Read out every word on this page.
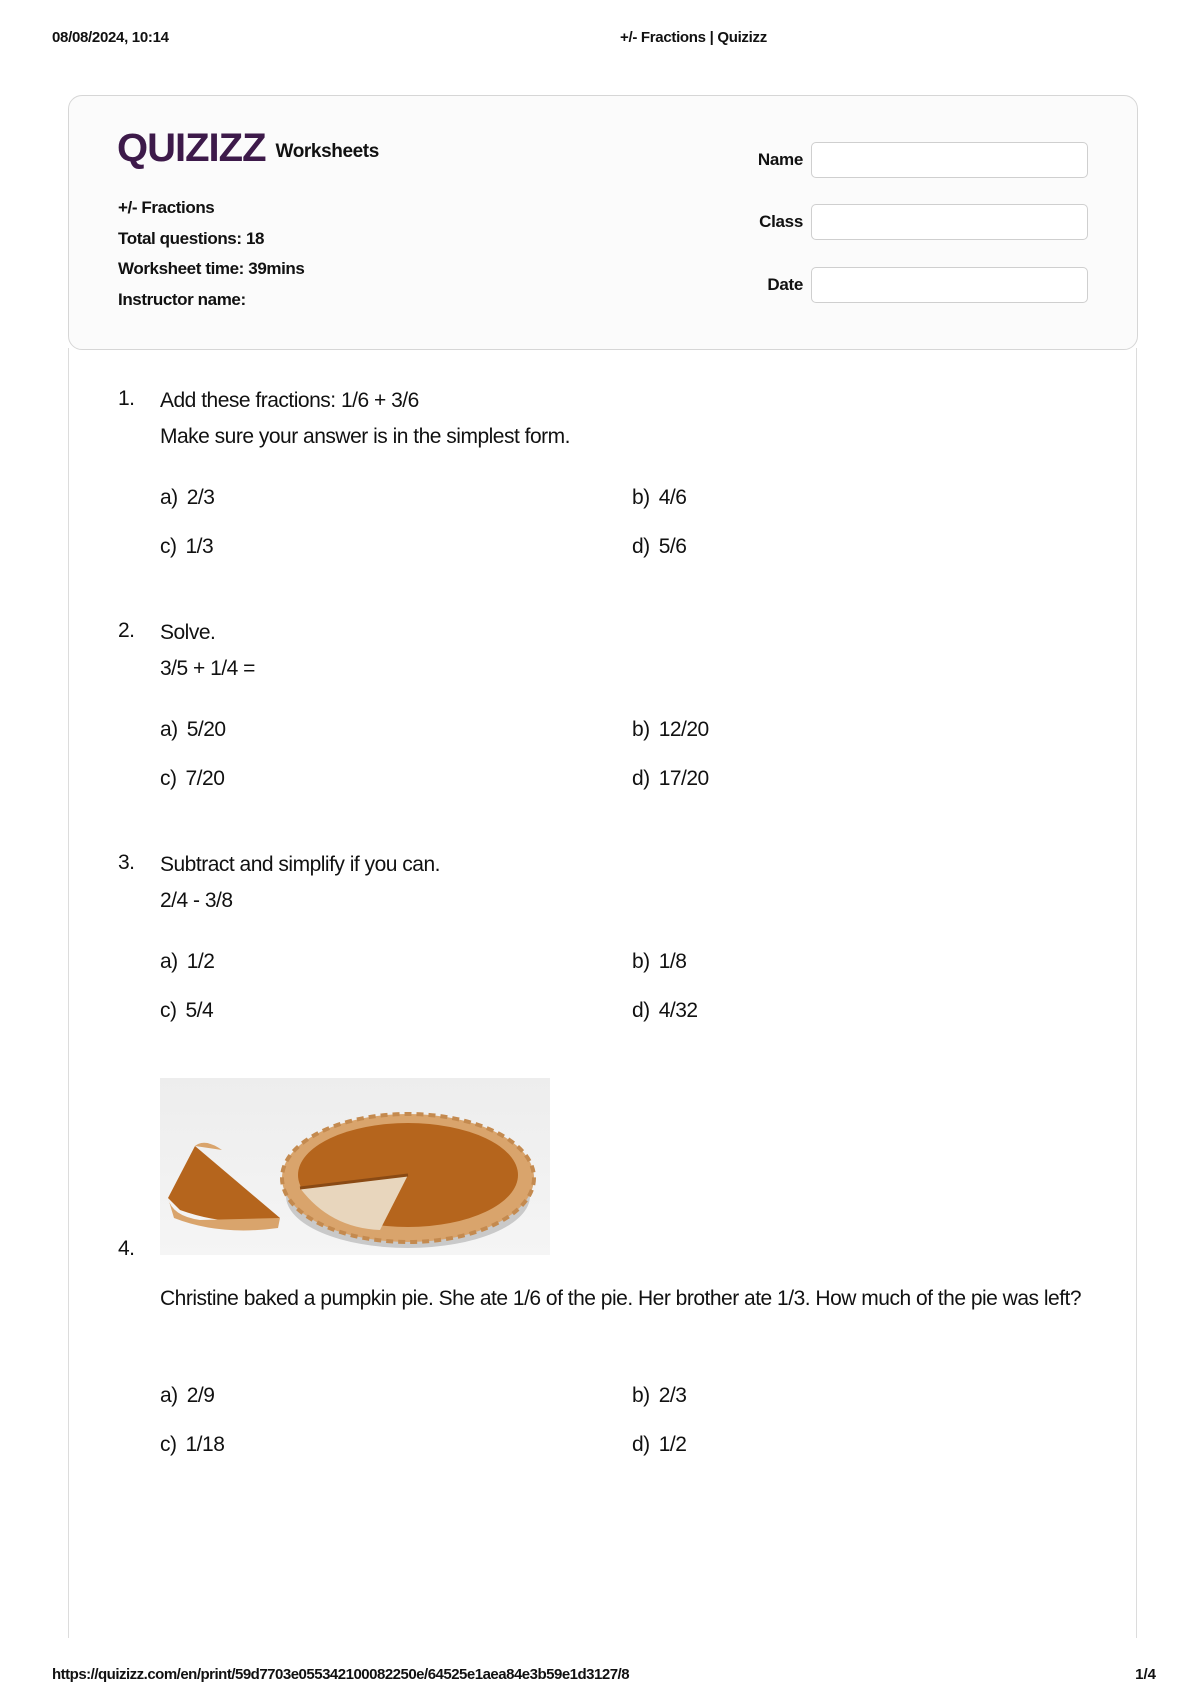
08/08/2024, 10:14	+/- Fractions | Quizizz
QUIZIZZ Worksheets
+/- Fractions
Total questions: 18
Worksheet time: 39mins
Instructor name:
Name
Class
Date
1. Add these fractions: 1/6 + 3/6
Make sure your answer is in the simplest form.
a) 2/3	b) 4/6
c) 1/3	d) 5/6
2. Solve.
3/5 + 1/4 =
a) 5/20	b) 12/20
c) 7/20	d) 17/20
3. Subtract and simplify if you can.
2/4 - 3/8
a) 1/2	b) 1/8
c) 5/4	d) 4/32
4.
Christine baked a pumpkin pie. She ate 1/6 of the pie. Her brother ate 1/3. How much of the pie was left?
a) 2/9	b) 2/3
c) 1/18	d) 1/2
https://quizizz.com/en/print/59d7703e055342100082250e/64525e1aea84e3b59e1d3127/8	1/4
